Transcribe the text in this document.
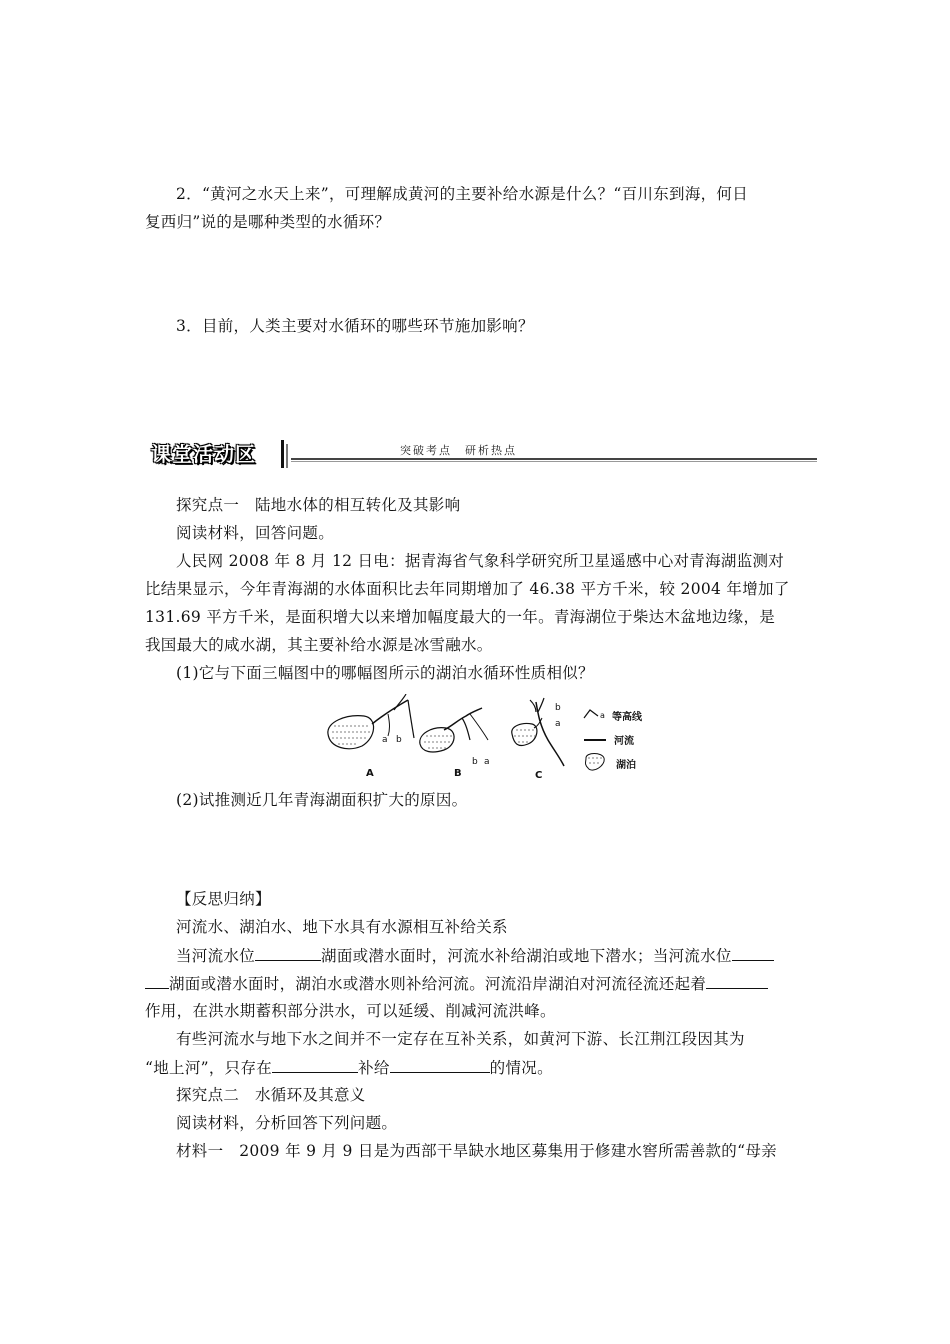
2．“黄河之水天上来”，可理解成黄河的主要补给水源是什么？“百川东到海，何日
复西归”说的是哪种类型的水循环？
3．目前，人类主要对水循环的哪些环节施加影响？
课堂活动区	突破考点　研析热点
探究点一　陆地水体的相互转化及其影响
阅读材料，回答问题。
人民网 2008 年 8 月 12 日电：据青海省气象科学研究所卫星遥感中心对青海湖监测对
比结果显示，今年青海湖的水体面积比去年同期增加了 46.38 平方千米，较 2004 年增加了
131.69 平方千米，是面积增大以来增加幅度最大的一年。青海湖位于柴达木盆地边缘，是
我国最大的咸水湖，其主要补给水源是冰雪融水。
(1)它与下面三幅图中的哪幅图所示的湖泊水循环性质相似？
a b
A
b a
B
b
a
C
a 等高线
河流
湖泊
(2)试推测近几年青海湖面积扩大的原因。
【反思归纳】
河流水、湖泊水、地下水具有水源相互补给关系
当河流水位	湖面或潜水面时，河流水补给湖泊或地下潜水；当河流水位
湖面或潜水面时，湖泊水或潜水则补给河流。河流沿岸湖泊对河流径流还起着
作用，在洪水期蓄积部分洪水，可以延缓、削减河流洪峰。
有些河流水与地下水之间并不一定存在互补关系，如黄河下游、长江荆江段因其为
“地上河”，只存在	补给	的情况。
探究点二　水循环及其意义
阅读材料，分析回答下列问题。
材料一　2009 年 9 月 9 日是为西部干旱缺水地区募集用于修建水窖所需善款的“母亲
